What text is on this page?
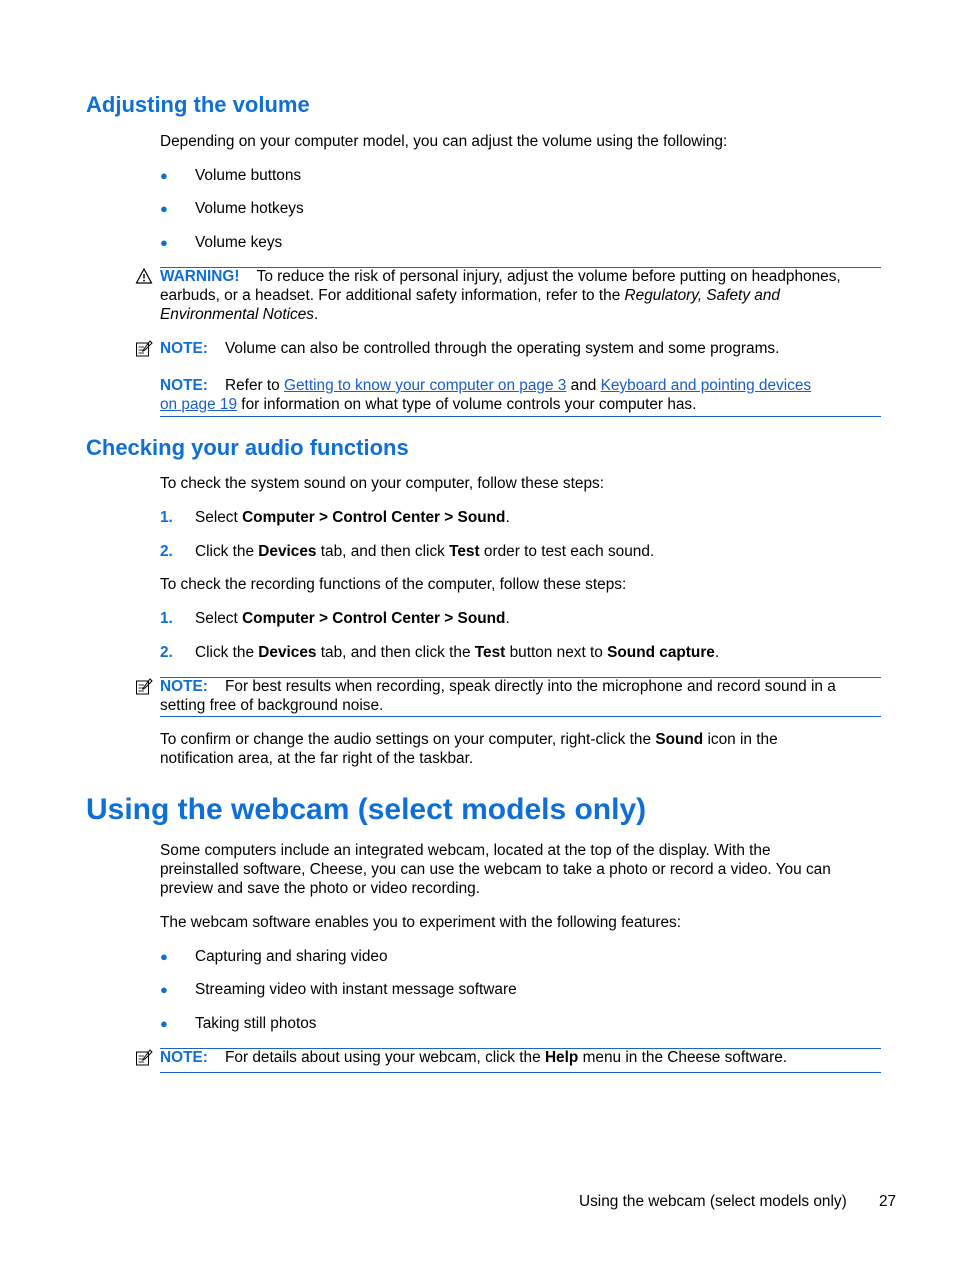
Adjusting the volume
Depending on your computer model, you can adjust the volume using the following:
● Volume buttons
● Volume hotkeys
● Volume keys
WARNING! To reduce the risk of personal injury, adjust the volume before putting on headphones,
earbuds, or a headset. For additional safety information, refer to the Regulatory, Safety and
Environmental Notices.
NOTE: Volume can also be controlled through the operating system and some programs.
NOTE: Refer to Getting to know your computer on page 3 and Keyboard and pointing devices
on page 19 for information on what type of volume controls your computer has.
Checking your audio functions
To check the system sound on your computer, follow these steps:
1. Select Computer > Control Center > Sound.
2. Click the Devices tab, and then click Test order to test each sound.
To check the recording functions of the computer, follow these steps:
1. Select Computer > Control Center > Sound.
2. Click the Devices tab, and then click the Test button next to Sound capture.
NOTE: For best results when recording, speak directly into the microphone and record sound in a
setting free of background noise.
To confirm or change the audio settings on your computer, right-click the Sound icon in the
notification area, at the far right of the taskbar.
Using the webcam (select models only)
Some computers include an integrated webcam, located at the top of the display. With the
preinstalled software, Cheese, you can use the webcam to take a photo or record a video. You can
preview and save the photo or video recording.
The webcam software enables you to experiment with the following features:
● Capturing and sharing video
● Streaming video with instant message software
● Taking still photos
NOTE: For details about using your webcam, click the Help menu in the Cheese software.
Using the webcam (select models only) 27
